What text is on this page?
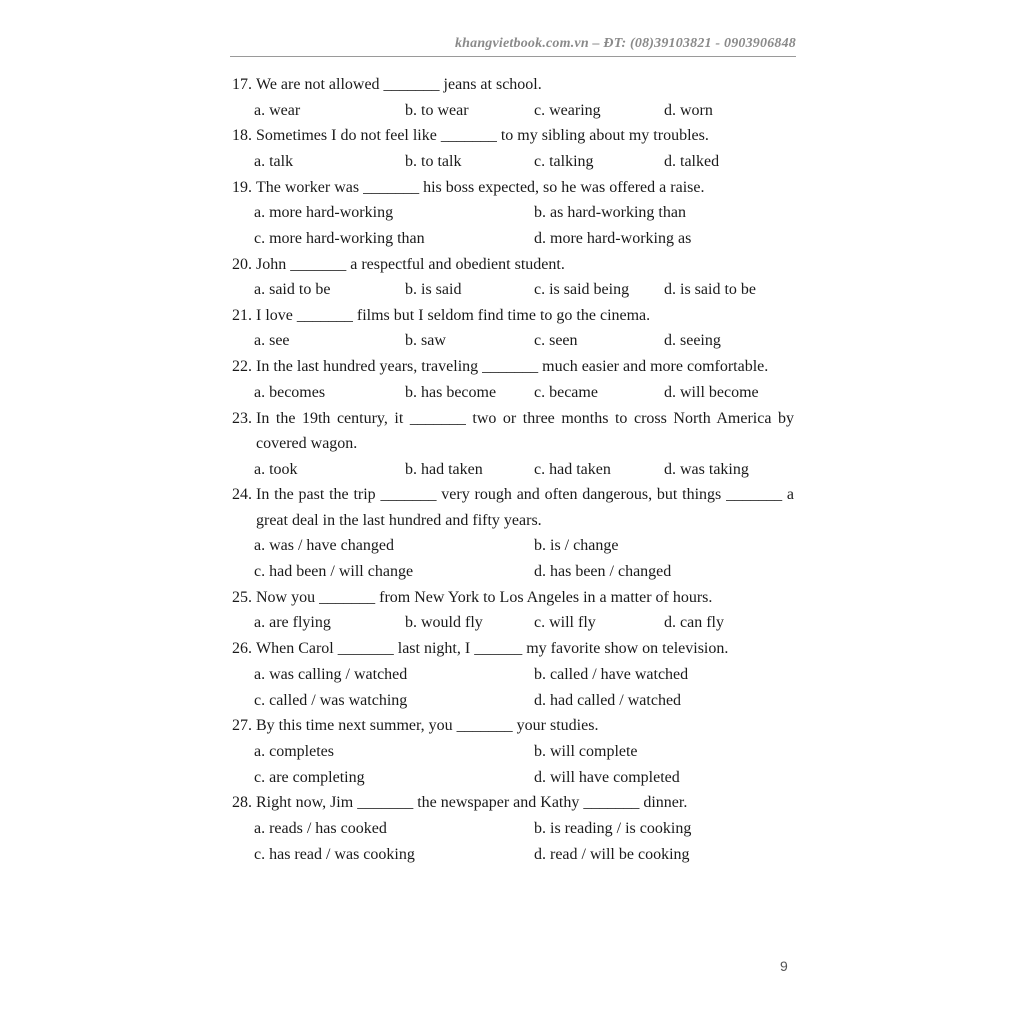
khangvietbook.com.vn – ĐT: (08)39103821 - 0903906848
17. We are not allowed _______ jeans at school.
a. wear	b. to wear	c. wearing	d. worn
18. Sometimes I do not feel like _______ to my sibling about my troubles.
a. talk	b. to talk	c. talking	d. talked
19. The worker was _______ his boss expected, so he was offered a raise.
a. more hard-working	b. as hard-working than
c. more hard-working than	d. more hard-working as
20. John _______ a respectful and obedient student.
a. said to be	b. is said	c. is said being d. is said to be
21. I love _______ films but I seldom find time to go the cinema.
a. see	b. saw	c. seen	d. seeing
22. In the last hundred years, traveling _______ much easier and more comfortable.
a. becomes	b. has become c. became	d. will become
23. In the 19th century, it _______ two or three months to cross North America by covered wagon.
a. took	b. had taken	c. had taken	d. was taking
24. In the past the trip _______ very rough and often dangerous, but things _______ a great deal in the last hundred and fifty years.
a. was / have changed	b. is / change
c. had been / will change	d. has been / changed
25. Now you _______ from New York to Los Angeles in a matter of hours.
a. are flying	b. would fly	c. will fly	d. can fly
26. When Carol _______ last night, I ______ my favorite show on television.
a. was calling / watched	b. called / have watched
c. called / was watching	d. had called / watched
27. By this time next summer, you _______ your studies.
a. completes	b. will complete
c. are completing	d. will have completed
28. Right now, Jim _______ the newspaper and Kathy _______ dinner.
a. reads / has cooked	b. is reading / is cooking
c. has read / was cooking	d. read / will be cooking
9
